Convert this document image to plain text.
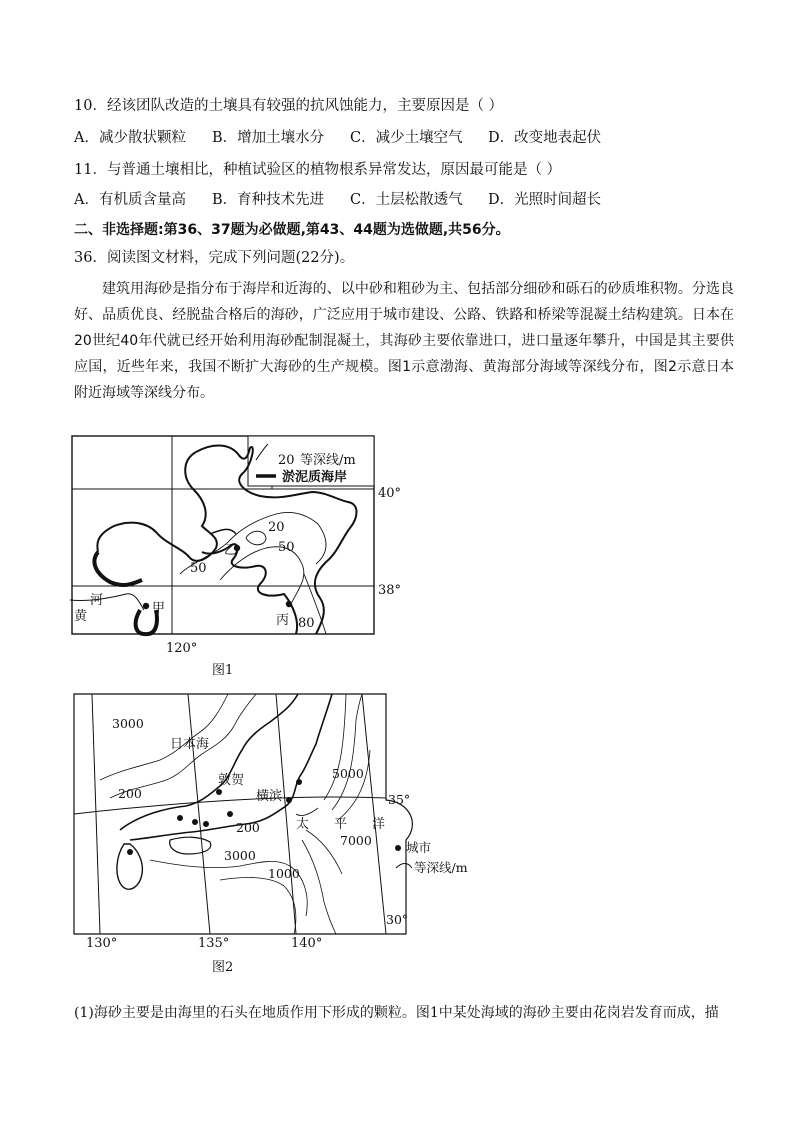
10．经该团队改造的土壤具有较强的抗风蚀能力，主要原因是（ ）
A．减少散状颗粒 B．增加土壤水分 C．减少土壤空气 D．改变地表起伏
11．与普通土壤相比，种植试验区的植物根系异常发达，原因最可能是（ ）
A．有机质含量高 B．育种技术先进 C．土层松散透气 D．光照时间超长
二、非选择题:第36、37题为必做题,第43、44题为选做题,共56分。
36．阅读图文材料，完成下列问题(22分)。
建筑用海砂是指分布于海岸和近海的、以中砂和粗砂为主、包括部分细砂和砾石的砂质堆积物。分选良好、品质优良、经脱盐合格后的海砂，广泛应用于城市建设、公路、铁路和桥梁等混凝土结构建筑。日本在20世纪40年代就已经开始利用海砂配制混凝土，其海砂主要依靠进口，进口量逐年攀升，中国是其主要供应国，近些年来，我国不断扩大海砂的生产规模。图1示意渤海、黄海部分海域等深线分布，图2示意日本附近海域等深线分布。
20 等深线/m
淤泥质海岸
40°
38°
20
50
50
80
乙
甲
丙
河
黄
120°
图1
3000
日本海
200
敦贺
横滨
200
3000
1000
5000
7000
太 平 洋
35°
30°
城市
等深线/m
130°	135°	140°
图2
(1)海砂主要是由海里的石头在地质作用下形成的颗粒。图1中某处海域的海砂主要由花岗岩发育而成，描
